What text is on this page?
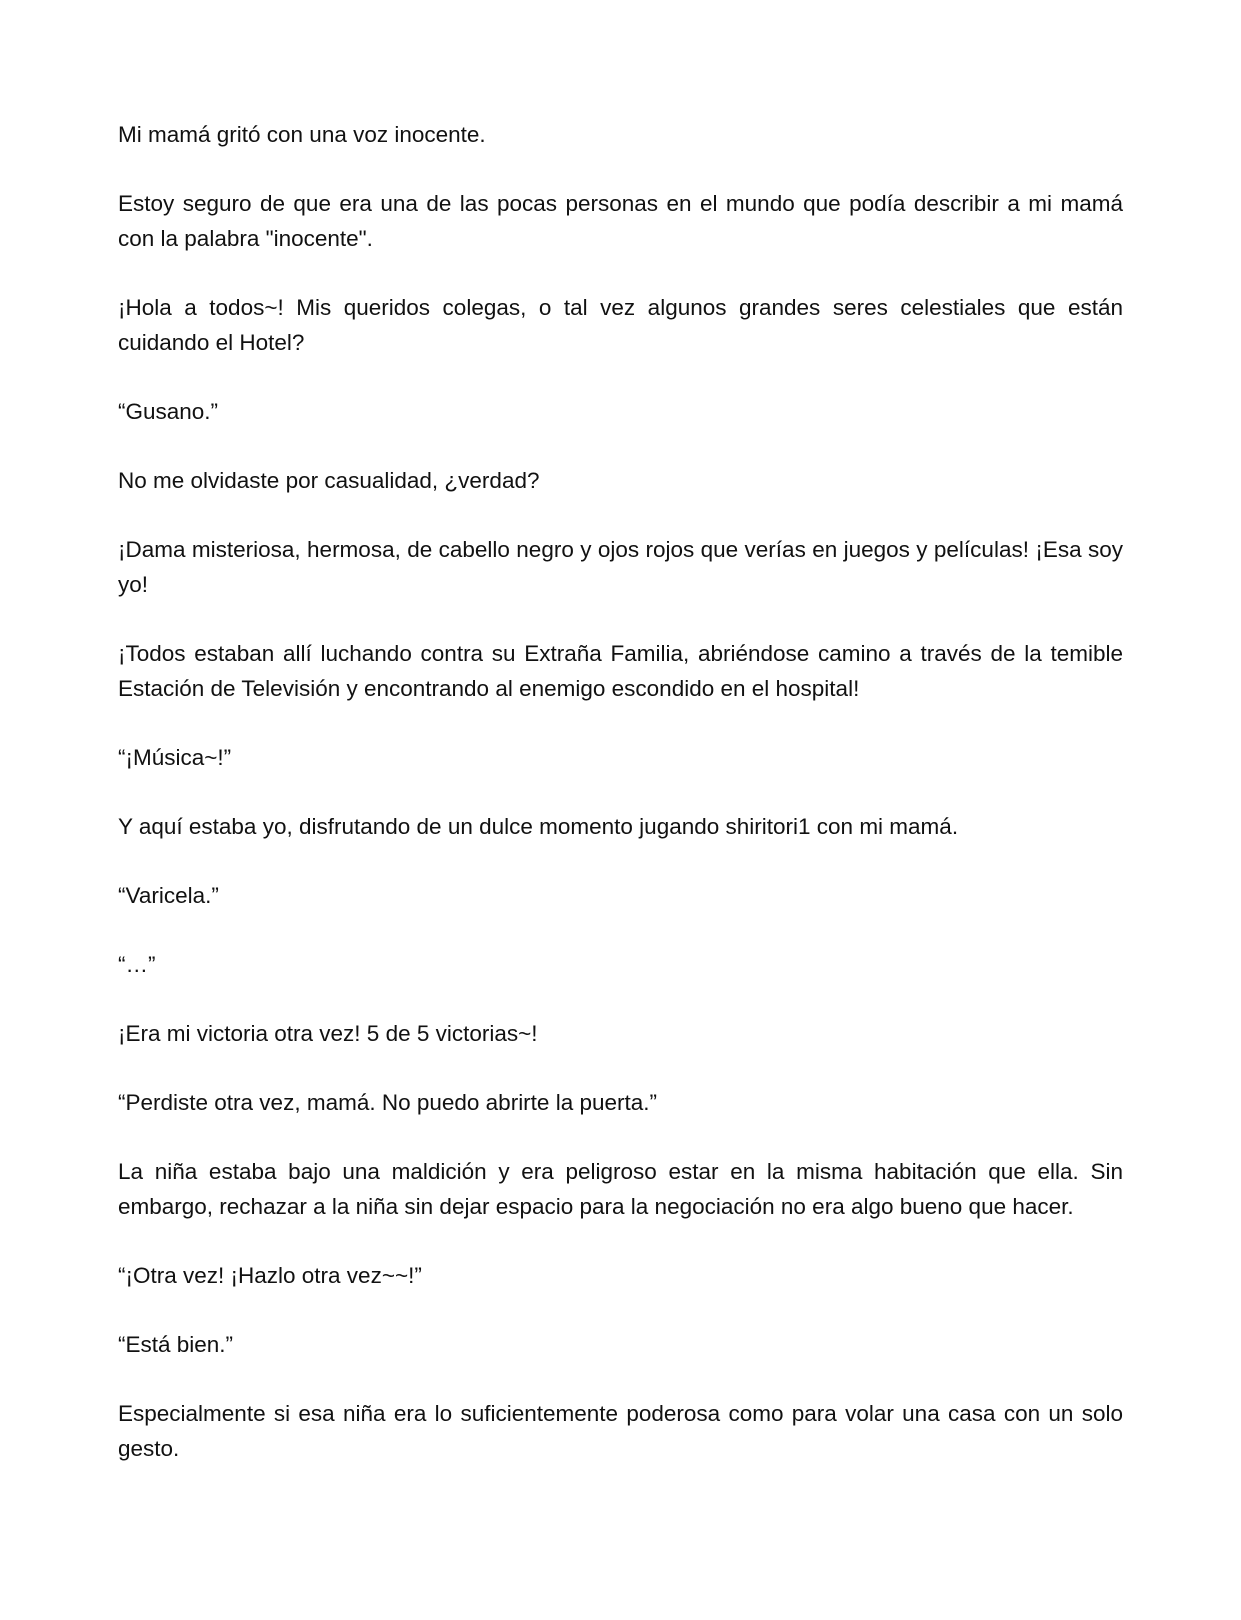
Mi mamá gritó con una voz inocente.

Estoy seguro de que era una de las pocas personas en el mundo que podía describir a mi mamá con la palabra "inocente".

¡Hola a todos~! Mis queridos colegas, o tal vez algunos grandes seres celestiales que están cuidando el Hotel?

“Gusano.”

No me olvidaste por casualidad, ¿verdad?

¡Dama misteriosa, hermosa, de cabello negro y ojos rojos que verías en juegos y películas! ¡Esa soy yo!

¡Todos estaban allí luchando contra su Extraña Familia, abriéndose camino a través de la temible Estación de Televisión y encontrando al enemigo escondido en el hospital!

“¡Música~!”

Y aquí estaba yo, disfrutando de un dulce momento jugando shiritori1 con mi mamá.

“Varicela.”

“…”

¡Era mi victoria otra vez! 5 de 5 victorias~!

“Perdiste otra vez, mamá. No puedo abrirte la puerta.”

La niña estaba bajo una maldición y era peligroso estar en la misma habitación que ella. Sin embargo, rechazar a la niña sin dejar espacio para la negociación no era algo bueno que hacer.

“¡Otra vez! ¡Hazlo otra vez~~!”

“Está bien.”

Especialmente si esa niña era lo suficientemente poderosa como para volar una casa con un solo gesto.
